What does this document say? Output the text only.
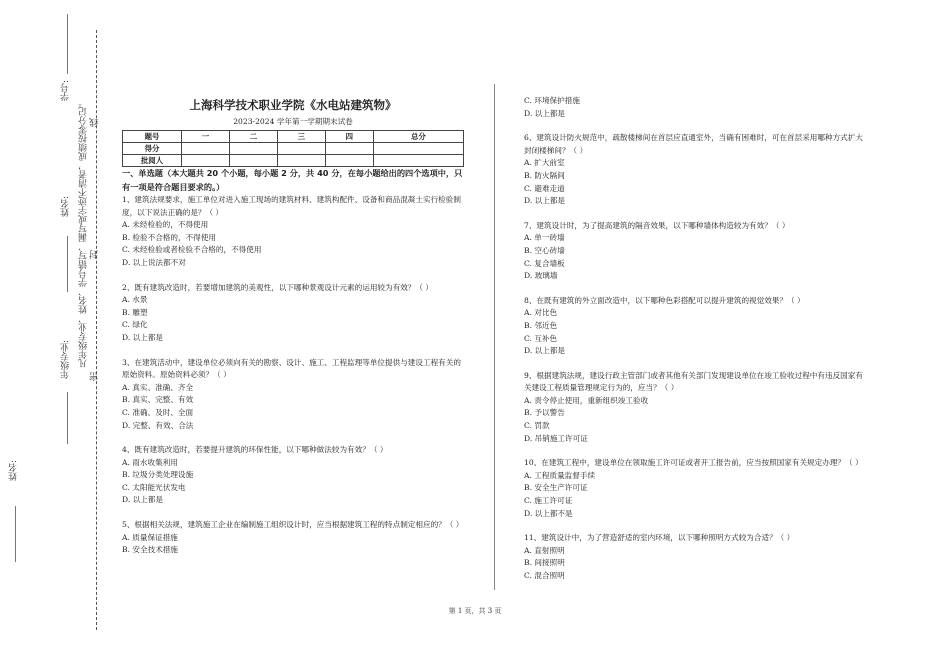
学号:
姓名: 凡年级专业、姓名、学号错写、漏写或字迹不清者，成绩按零分记。 线
封
年级专业: 密
姓名:
上海科学技术职业学院《水电站建筑物》
2023-2024 学年第一学期期末试卷
题号	一	二	三	四	总分
得分					
批阅人					
一、单选题（本大题共 20 个小题，每小题 2 分，共 40 分，在每小题给出的四个选项中，只有一项是符合题目要求的。）

1、建筑法规要求，施工单位对进入施工现场的建筑材料、建筑构配件、设备和商品混凝土实行检验制度，以下说法正确的是？（ ）

A. 未经检验的，不得使用

B. 检验不合格的，不得使用

C. 未经检验或者检验不合格的，不得使用

D. 以上说法都不对

2、既有建筑改造时，若要增加建筑的美观性，以下哪种景观设计元素的运用较为有效？（ ）

A. 水景

B. 雕塑

C. 绿化

D. 以上都是

3、在建筑活动中，建设单位必须向有关的勘察、设计、施工、工程监理等单位提供与建设工程有关的原始资料。原始资料必须？（ ）

A. 真实、准确、齐全

B. 真实、完整、有效

C. 准确、及时、全面

D. 完整、有效、合法

4、既有建筑改造时，若要提升建筑的环保性能，以下哪种做法较为有效？（ ）

A. 雨水收集利用

B. 垃圾分类处理设施

C. 太阳能光伏发电

D. 以上都是

5、根据相关法规，建筑施工企业在编制施工组织设计时，应当根据建筑工程的特点制定相应的？（ ）

A. 质量保证措施

B. 安全技术措施

C. 环境保护措施

D. 以上都是

6、建筑设计防火规范中，疏散楼梯间在首层应直通室外，当确有困难时，可在首层采用哪种方式扩大封闭楼梯间？（ ）

A. 扩大前室

B. 防火隔间

C. 避难走道

D. 以上都是

7、建筑设计时，为了提高建筑的隔音效果，以下哪种墙体构造较为有效？（ ）

A. 单一砖墙

B. 空心砖墙

C. 复合墙板

D. 玻璃墙

8、在既有建筑的外立面改造中，以下哪种色彩搭配可以提升建筑的视觉效果？（ ）

A. 对比色

B. 邻近色

C. 互补色

D. 以上都是

9、根据建筑法规，建设行政主管部门或者其他有关部门发现建设单位在竣工验收过程中有违反国家有关建设工程质量管理规定行为的，应当？（ ）

A. 责令停止使用，重新组织竣工验收

B. 予以警告

C. 罚款

D. 吊销施工许可证

10、在建筑工程中，建设单位在领取施工许可证或者开工报告前，应当按照国家有关规定办理？（ ）

A. 工程质量监督手续

B. 安全生产许可证

C. 施工许可证

D. 以上都不是

11、建筑设计中，为了营造舒适的室内环境，以下哪种照明方式较为合适？（ ）

A. 直射照明

B. 间接照明

C. 混合照明

第 1 页，共 3 页
